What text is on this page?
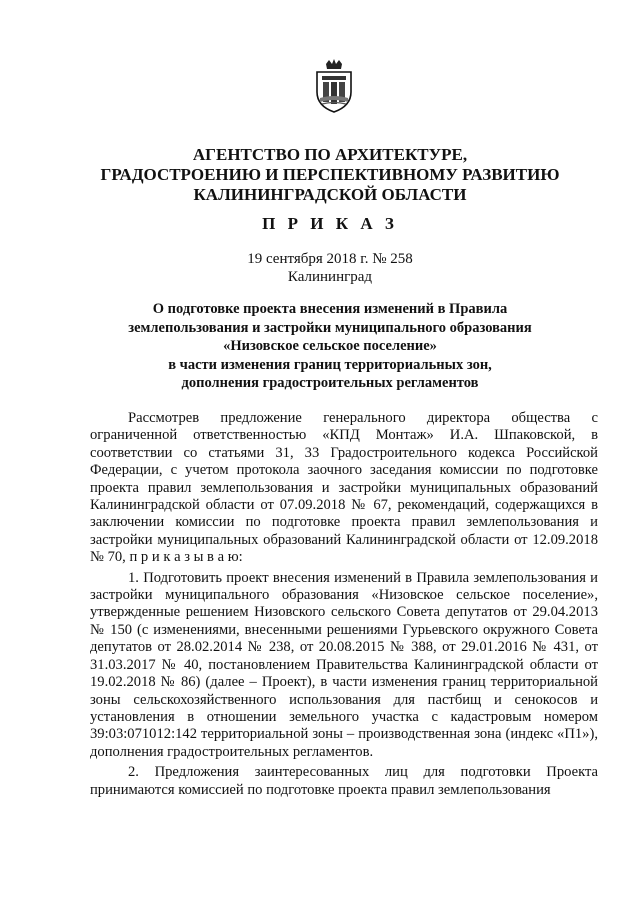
АГЕНТСТВО ПО АРХИТЕКТУРЕ,
ГРАДОСТРОЕНИЮ И ПЕРСПЕКТИВНОМУ РАЗВИТИЮ
КАЛИНИНГРАДСКОЙ ОБЛАСТИ
П Р И К А З
19 сентября 2018 г. № 258
Калининград
О подготовке проекта внесения изменений в Правила
землепользования и застройки муниципального образования
«Низовское сельское поселение»
в части изменения границ территориальных зон,
дополнения градостроительных регламентов

Рассмотрев предложение генерального директора общества с ограниченной ответственностью «КПД Монтаж» И.А. Шпаковской, в соответствии со статьями 31, 33 Градостроительного кодекса Российской Федерации, с учетом протокола заочного заседания комиссии по подготовке проекта правил землепользования и застройки муниципальных образований Калининградской области от 07.09.2018 № 67, рекомендаций, содержащихся в заключении комиссии по подготовке проекта правил землепользования и застройки муниципальных образований Калининградской области от 12.09.2018 № 70, п р и к а з ы в а ю:

1. Подготовить проект внесения изменений в Правила землепользования и застройки муниципального образования «Низовское сельское поселение», утвержденные решением Низовского сельского Совета депутатов от 29.04.2013 № 150 (с изменениями, внесенными решениями Гурьевского окружного Совета депутатов от 28.02.2014 № 238, от 20.08.2015 № 388, от 29.01.2016 № 431, от 31.03.2017 № 40, постановлением Правительства Калининградской области от 19.02.2018 № 86) (далее – Проект), в части изменения границ территориальной зоны сельскохозяйственного использования для пастбищ и сенокосов и установления в отношении земельного участка с кадастровым номером 39:03:071012:142 территориальной зоны – производственная зона (индекс «П1»), дополнения градостроительных регламентов.

2. Предложения заинтересованных лиц для подготовки Проекта принимаются комиссией по подготовке проекта правил землепользования
